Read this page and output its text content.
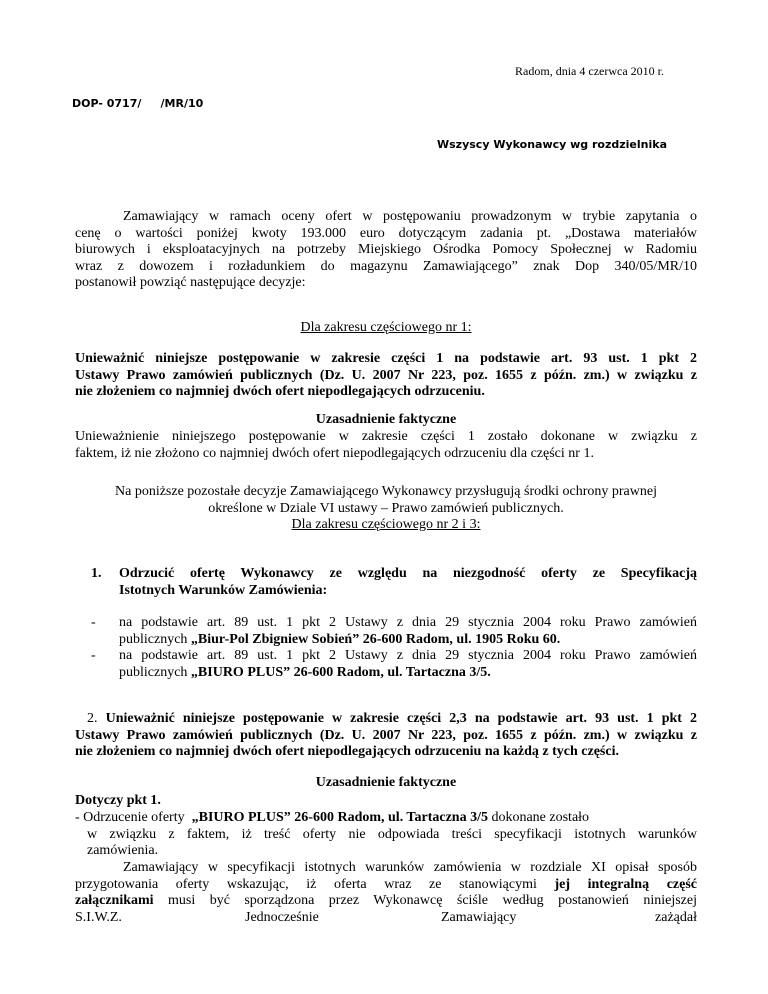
Radom, dnia 4 czerwca 2010 r.

DOP- 0717/     /MR/10

Wszyscy Wykonawcy wg rozdzielnika

Zamawiający w ramach oceny ofert w postępowaniu prowadzonym w trybie zapytania o
cenę o wartości poniżej kwoty 193.000 euro dotyczącym zadania pt. „Dostawa materiałów
biurowych i eksploatacyjnych na potrzeby Miejskiego Ośrodka Pomocy Społecznej w Radomiu
wraz z dowozem i rozładunkiem do magazynu Zamawiającego” znak Dop 340/05/MR/10
postanowił powziąć następujące decyzje:

Dla zakresu częściowego nr 1:

Unieważnić niniejsze postępowanie w zakresie części 1 na podstawie art. 93 ust. 1 pkt 2
Ustawy Prawo zamówień publicznych (Dz. U. 2007 Nr 223, poz. 1655 z późn. zm.) w związku z
nie złożeniem co najmniej dwóch ofert niepodlegających odrzuceniu.

Uzasadnienie faktyczne

Unieważnienie niniejszego postępowanie w zakresie części 1 zostało dokonane w związku z
faktem, iż nie złożono co najmniej dwóch ofert niepodlegających odrzuceniu dla części nr 1.
Na poniższe pozostałe decyzje Zamawiającego Wykonawcy przysługują środki ochrony prawnej
określone w Dziale VI ustawy – Prawo zamówień publicznych.
Dla zakresu częściowego nr 2 i 3:
1. Odrzucić ofertę Wykonawcy ze względu na niezgodność oferty ze Specyfikacją
Istotnych Warunków Zamówienia:
- na podstawie art. 89 ust. 1 pkt 2 Ustawy z dnia 29 stycznia 2004 roku Prawo zamówień
publicznych „Biur-Pol Zbigniew Sobień” 26-600 Radom, ul. 1905 Roku 60.
- na podstawie art. 89 ust. 1 pkt 2 Ustawy z dnia 29 stycznia 2004 roku Prawo zamówień
publicznych „BIURO PLUS” 26-600 Radom, ul. Tartaczna 3/5.
2. Unieważnić niniejsze postępowanie w zakresie części 2,3 na podstawie art. 93 ust. 1 pkt 2
Ustawy Prawo zamówień publicznych (Dz. U. 2007 Nr 223, poz. 1655 z późn. zm.) w związku z
nie złożeniem co najmniej dwóch ofert niepodlegających odrzuceniu na każdą z tych części.

Uzasadnienie faktyczne

Dotyczy pkt 1.

- Odrzucenie oferty  „BIURO PLUS” 26-600 Radom, ul. Tartaczna 3/5 dokonane zostało
w związku z faktem, iż treść oferty nie odpowiada treści specyfikacji istotnych warunków
zamówienia.
Zamawiający w specyfikacji istotnych warunków zamówienia w rozdziale XI opisał sposób
przygotowania oferty wskazując, iż oferta wraz ze stanowiącymi jej integralną część
załącznikami musi być sporządzona przez Wykonawcę ściśle według postanowień niniejszej
S.I.W.Z.	Jednocześnie	Zamawiający	zażądał
